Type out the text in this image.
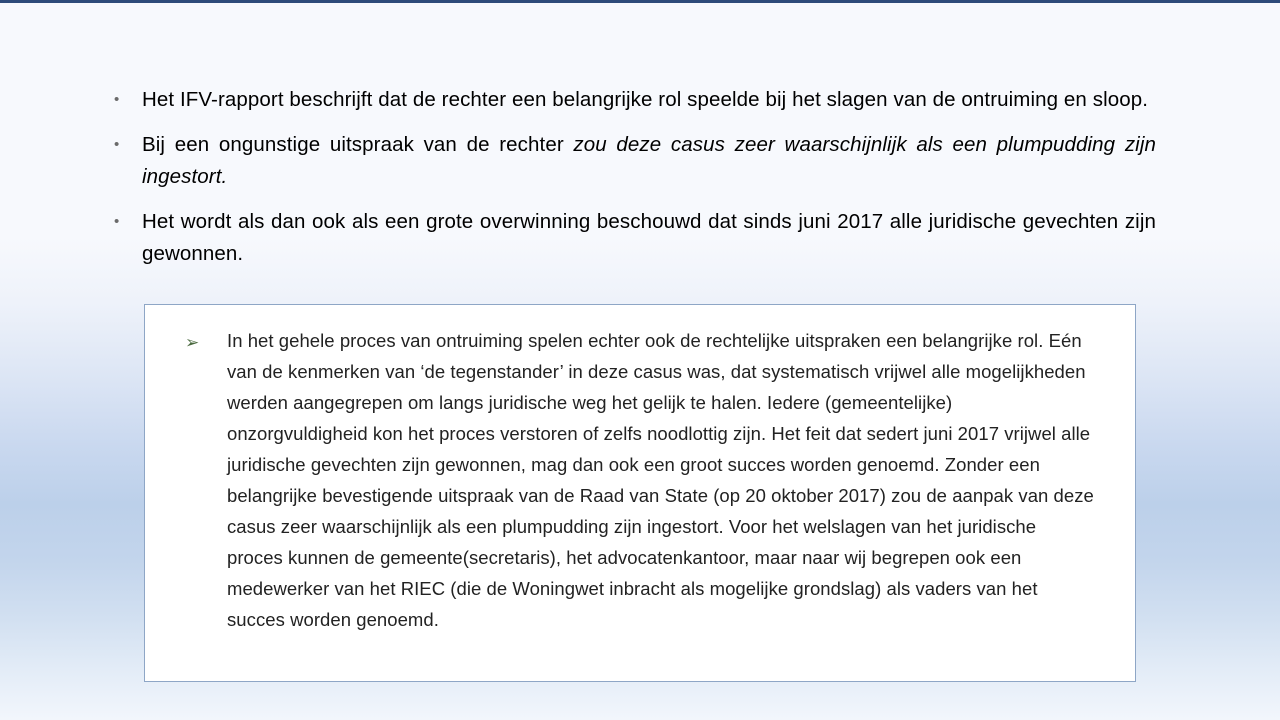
•	Het IFV-rapport beschrijft dat de rechter een belangrijke rol speelde bij het slagen van de ontruiming en sloop.
•	Bij een ongunstige uitspraak van de rechter zou deze casus zeer waarschijnlijk als een plumpudding zijn ingestort.
•	Het wordt als dan ook als een grote overwinning beschouwd dat sinds juni 2017 alle juridische gevechten zijn gewonnen.
➢ In het gehele proces van ontruiming spelen echter ook de rechtelijke uitspraken een belangrijke rol. Eén van de kenmerken van ‘de tegenstander’ in deze casus was, dat systematisch vrijwel alle mogelijkheden werden aangegrepen om langs juridische weg het gelijk te halen. Iedere (gemeentelijke) onzorgvuldigheid kon het proces verstoren of zelfs noodlottig zijn. Het feit dat sedert juni 2017 vrijwel alle juridische gevechten zijn gewonnen, mag dan ook een groot succes worden genoemd. Zonder een belangrijke bevestigende uitspraak van de Raad van State (op 20 oktober 2017) zou de aanpak van deze casus zeer waarschijnlijk als een plumpudding zijn ingestort. Voor het welslagen van het juridische proces kunnen de gemeente(secretaris), het advocatenkantoor, maar naar wij begrepen ook een medewerker van het RIEC (die de Woningwet inbracht als mogelijke grondslag) als vaders van het succes worden genoemd.
